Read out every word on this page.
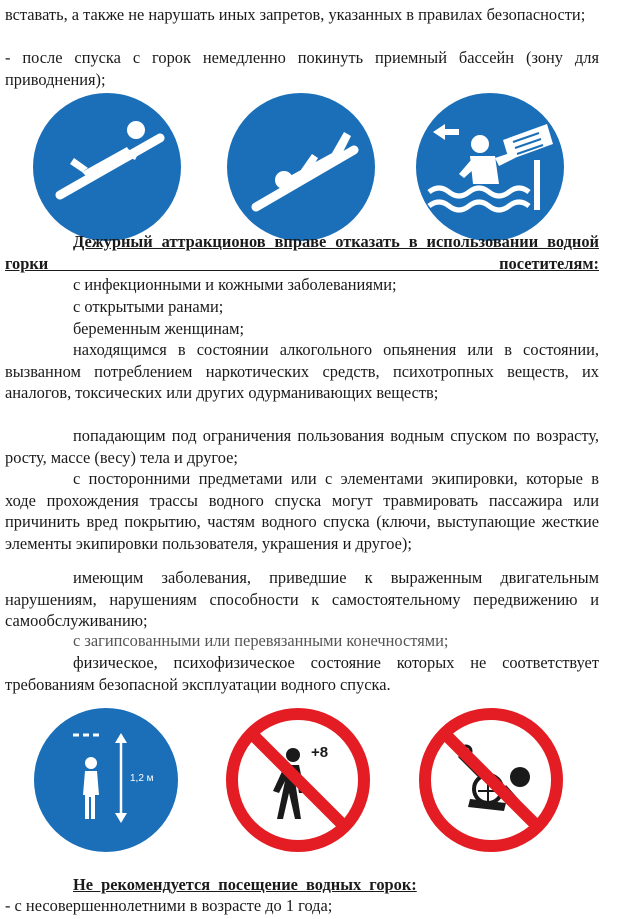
вставать, а также не нарушать иных запретов, указанных в правилах безопасности;

- после спуска с горок немедленно покинуть приемный бассейн (зону для приводнения);

Дежурный аттракционов вправе отказать в использовании водной горки посетителям:

с инфекционными и кожными заболеваниями;

с открытыми ранами;

беременным женщинам;

находящимся в состоянии алкогольного опьянения или в состоянии, вызванном потреблением наркотических средств, психотропных веществ, их аналогов, токсических или других одурманивающих веществ;

попадающим под ограничения пользования водным спуском по возрасту, росту, массе (весу) тела и другое;

с посторонними предметами или с элементами экипировки, которые в ходе прохождения трассы водного спуска могут травмировать пассажира или причинить вред покрытию, частям водного спуска (ключи, выступающие жесткие элементы экипировки пользователя, украшения и другое);

имеющим заболевания, приведшие к выраженным двигательным нарушениям, нарушениям способности к самостоятельному передвижению и самообслуживанию;

с загипсованными или перевязанными конечностями;

физическое, психофизическое состояние которых не соответствует требованиям безопасной эксплуатации водного спуска.

1,2 м
+8

Не рекомендуется посещение водных горок:

- с несовершеннолетними в возрасте до 1 года;
